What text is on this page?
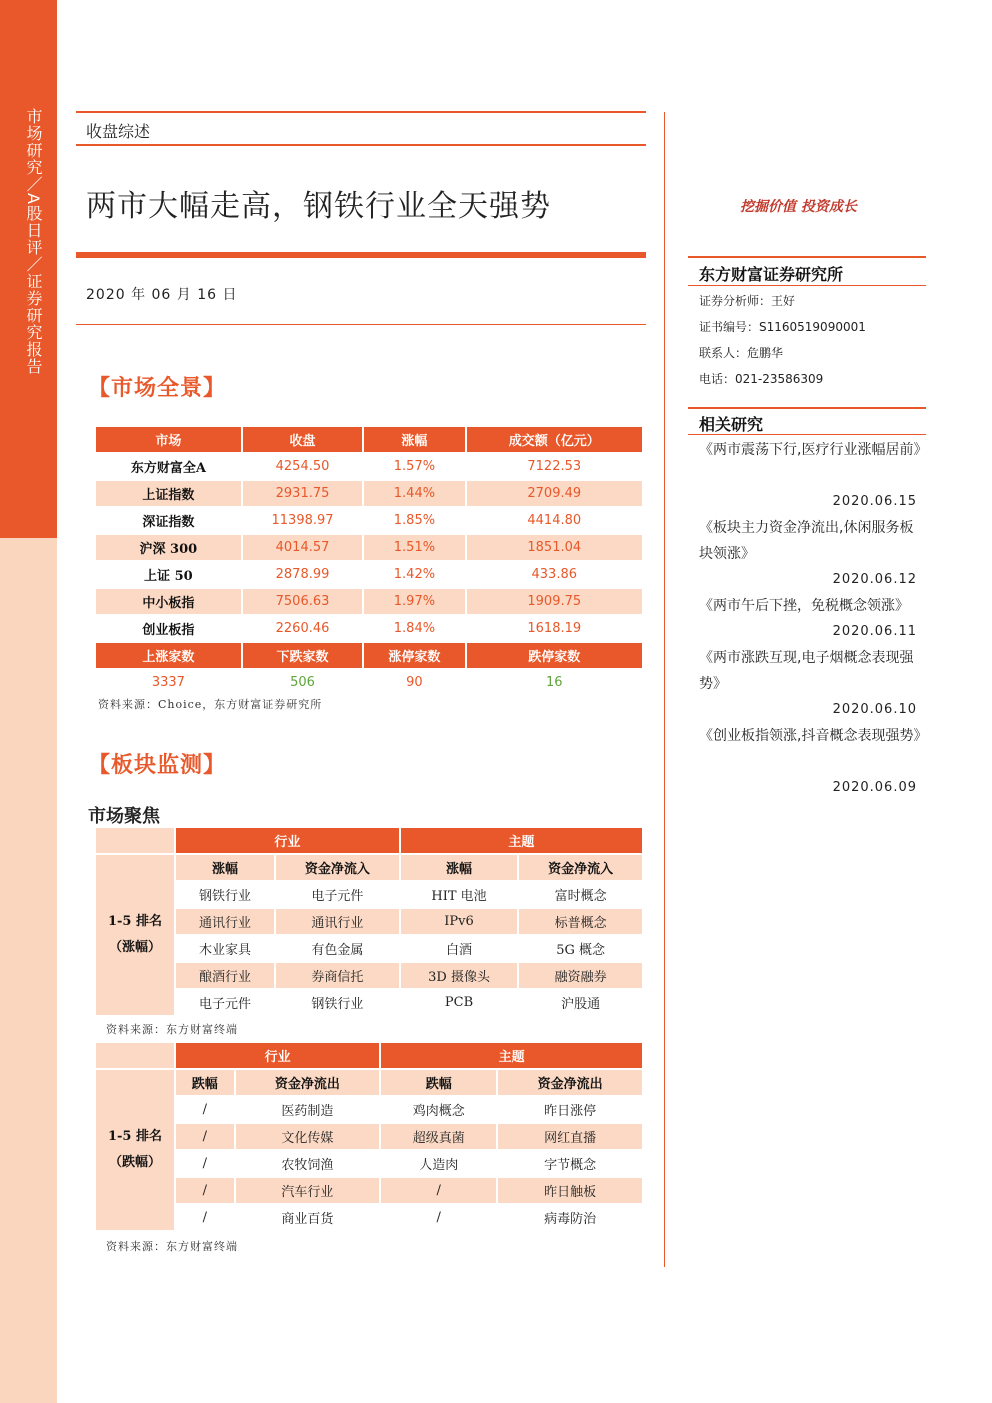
市场研究／A股日评／证券研究报告	收盘综述
两市大幅走高，钢铁行业全天强势
2020 年 06 月 16 日
【市场全景】
市场	收盘	涨幅	成交额（亿元）
东方财富全A	4254.50	1.57%	7122.53
上证指数	2931.75	1.44%	2709.49
深证指数	11398.97	1.85%	4414.80
沪深 300	4014.57	1.51%	1851.04
上证 50	2878.99	1.42%	433.86
中小板指	7506.63	1.97%	1909.75
创业板指	2260.46	1.84%	1618.19
上涨家数	下跌家数	涨停家数	跌停家数
3337	506	90	16
资料来源：Choice，东方财富证券研究所
【板块监测】
市场聚焦
	行业		主题	

1-5 排名
（涨幅）	涨幅	资金净流入	涨幅	资金净流入
	钢铁行业	电子元件	HIT 电池	富时概念
	通讯行业	通讯行业	IPv6	标普概念
	木业家具	有色金属	白酒	5G 概念
	酿酒行业	券商信托	3D 摄像头	融资融券
	电子元件	钢铁行业	PCB	沪股通
资料来源：东方财富终端
	行业		主题	

1-5 排名
（跌幅）	跌幅	资金净流出	跌幅	资金净流出
	/	医药制造	鸡肉概念	昨日涨停
	/	文化传媒	超级真菌	网红直播
	/	农牧饲渔	人造肉	字节概念
	/	汽车行业	/	昨日触板
	/	商业百货	/	病毒防治
资料来源：东方财富终端
挖掘价值 投资成长
东方财富证券研究所
证券分析师：王好
证书编号：S1160519090001
联系人：危鹏华
电话：021-23586309
相关研究
《两市震荡下行,医疗行业涨幅居前》
2020.06.15
《板块主力资金净流出,休闲服务板块领涨》
2020.06.12
《两市午后下挫，免税概念领涨》
2020.06.11
《两市涨跌互现,电子烟概念表现强势》
2020.06.10
《创业板指领涨,抖音概念表现强势》
2020.06.09
